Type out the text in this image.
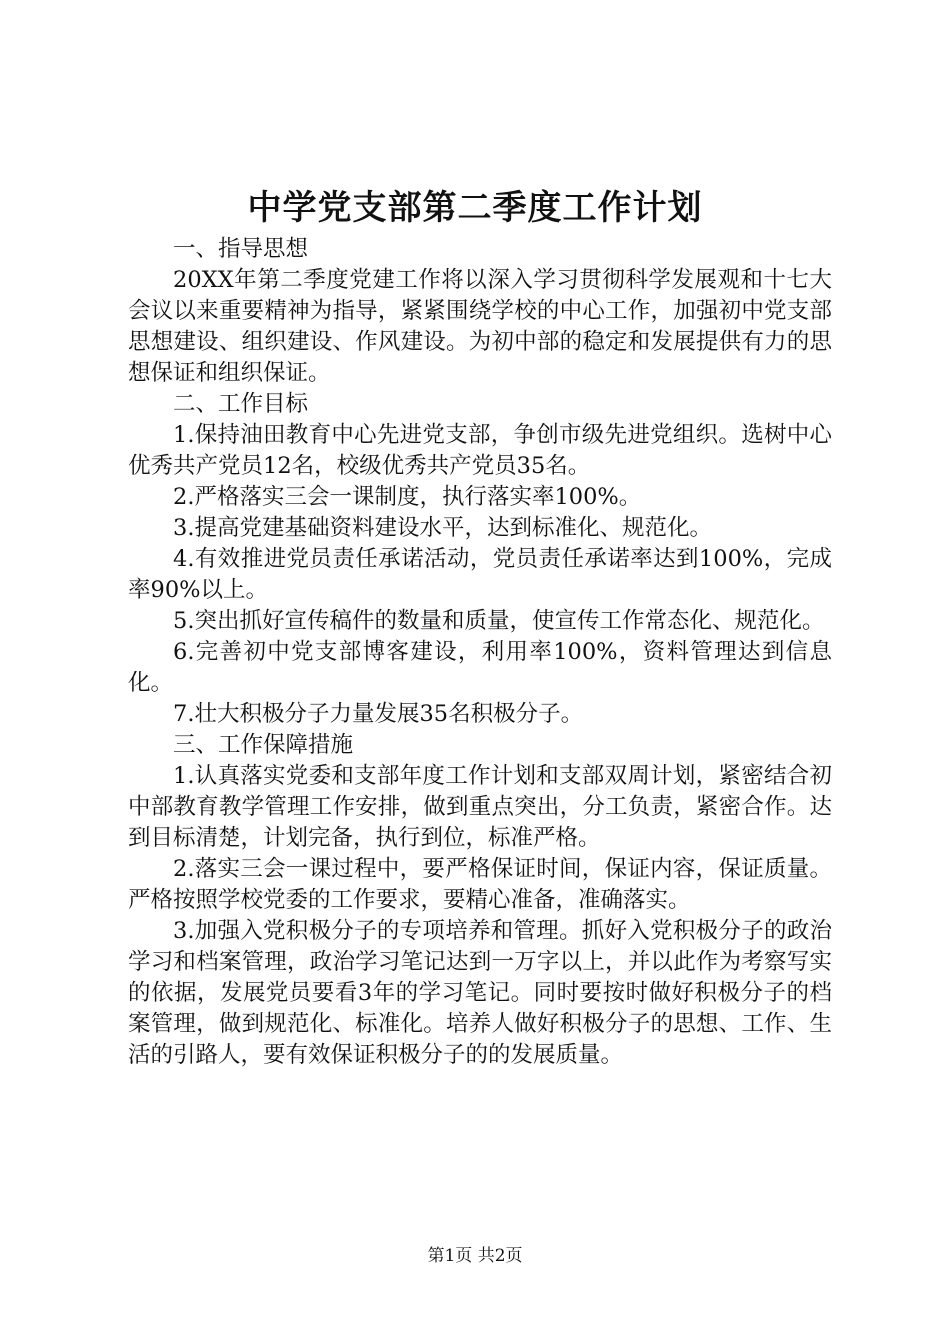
中学党支部第二季度工作计划

一、指导思想

20XX年第二季度党建工作将以深入学习贯彻科学发展观和十七大会议以来重要精神为指导，紧紧围绕学校的中心工作，加强初中党支部思想建设、组织建设、作风建设。为初中部的稳定和发展提供有力的思想保证和组织保证。

二、工作目标

1.保持油田教育中心先进党支部，争创市级先进党组织。选树中心优秀共产党员12名，校级优秀共产党员35名。

2.严格落实三会一课制度，执行落实率100%。

3.提高党建基础资料建设水平，达到标准化、规范化。

4.有效推进党员责任承诺活动，党员责任承诺率达到100%，完成率90%以上。

5.突出抓好宣传稿件的数量和质量，使宣传工作常态化、规范化。

6.完善初中党支部博客建设，利用率100%，资料管理达到信息化。

7.壮大积极分子力量发展35名积极分子。

三、工作保障措施

1.认真落实党委和支部年度工作计划和支部双周计划，紧密结合初中部教育教学管理工作安排，做到重点突出，分工负责，紧密合作。达到目标清楚，计划完备，执行到位，标准严格。

2.落实三会一课过程中，要严格保证时间，保证内容，保证质量。严格按照学校党委的工作要求，要精心准备，准确落实。

3.加强入党积极分子的专项培养和管理。抓好入党积极分子的政治学习和档案管理，政治学习笔记达到一万字以上，并以此作为考察写实的依据，发展党员要看3年的学习笔记。同时要按时做好积极分子的档案管理，做到规范化、标准化。培养人做好积极分子的思想、工作、生活的引路人，要有效保证积极分子的的发展质量。

第1页 共2页
